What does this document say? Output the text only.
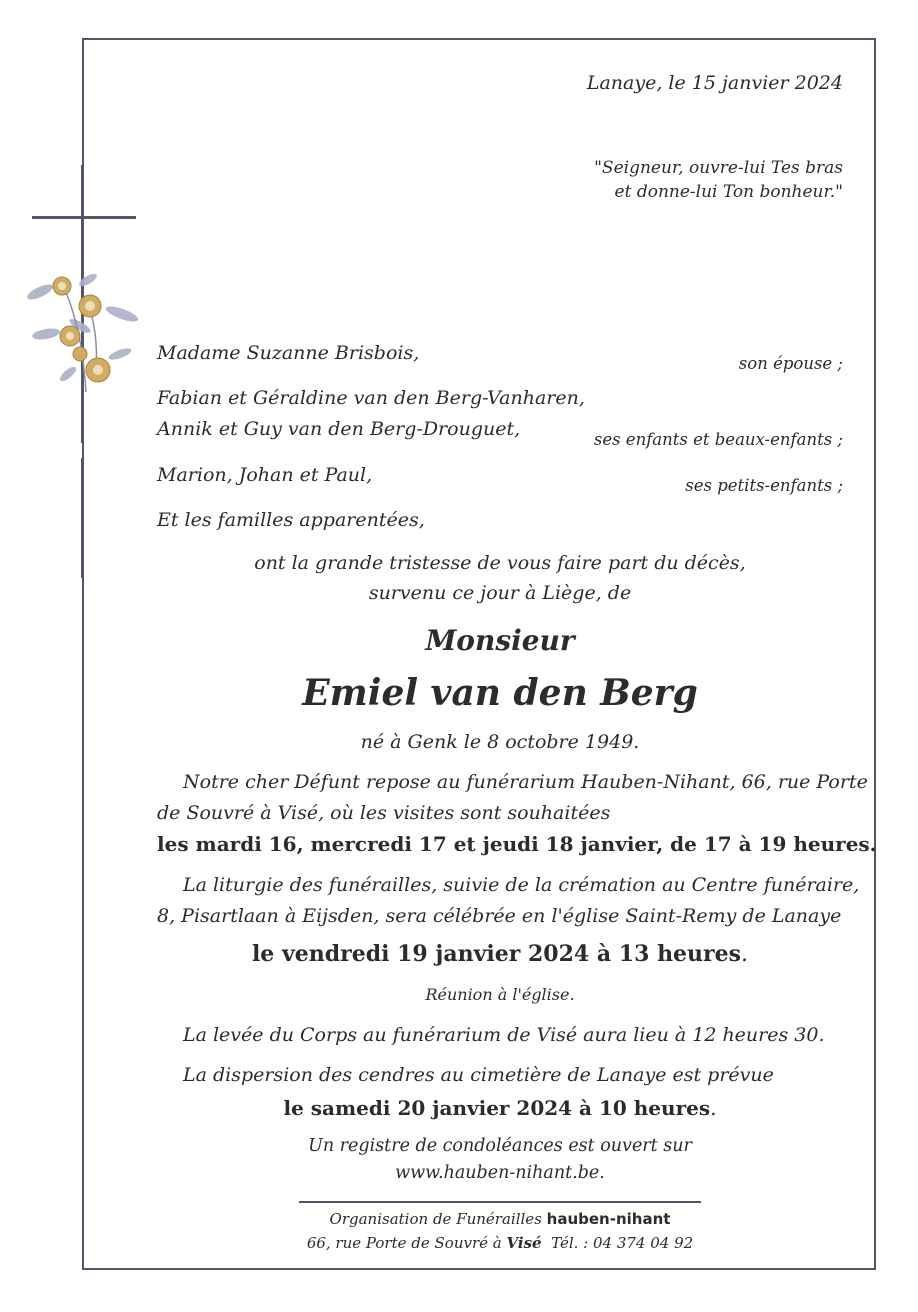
Lanaye, le 15 janvier 2024
"Seigneur, ouvre-lui Tes bras
et donne-lui Ton bonheur."
Madame Suzanne Brisbois,	son épouse ;
Fabian et Géraldine van den Berg-Vanharen,
Annik et Guy van den Berg-Drouguet,	ses enfants et beaux-enfants ;
Marion, Johan et Paul,	ses petits-enfants ;
Et les familles apparentées,
ont la grande tristesse de vous faire part du décès,
survenu ce jour à Liège, de
Monsieur
Emiel van den Berg
né à Genk le 8 octobre 1949.
Notre cher Défunt repose au funérarium Hauben-Nihant, 66, rue Porte
de Souvré à Visé, où les visites sont souhaitées
les mardi 16, mercredi 17 et jeudi 18 janvier, de 17 à 19 heures.
La liturgie des funérailles, suivie de la crémation au Centre funéraire,
8, Pisartlaan à Eijsden, sera célébrée en l'église Saint-Remy de Lanaye
le vendredi 19 janvier 2024 à 13 heures.
Réunion à l'église.
La levée du Corps au funérarium de Visé aura lieu à 12 heures 30.
La dispersion des cendres au cimetière de Lanaye est prévue
le samedi 20 janvier 2024 à 10 heures.
Un registre de condoléances est ouvert sur
www.hauben-nihant.be.
Organisation de Funérailles hauben-nihant
66, rue Porte de Souvré à Visé Tél. : 04 374 04 92
